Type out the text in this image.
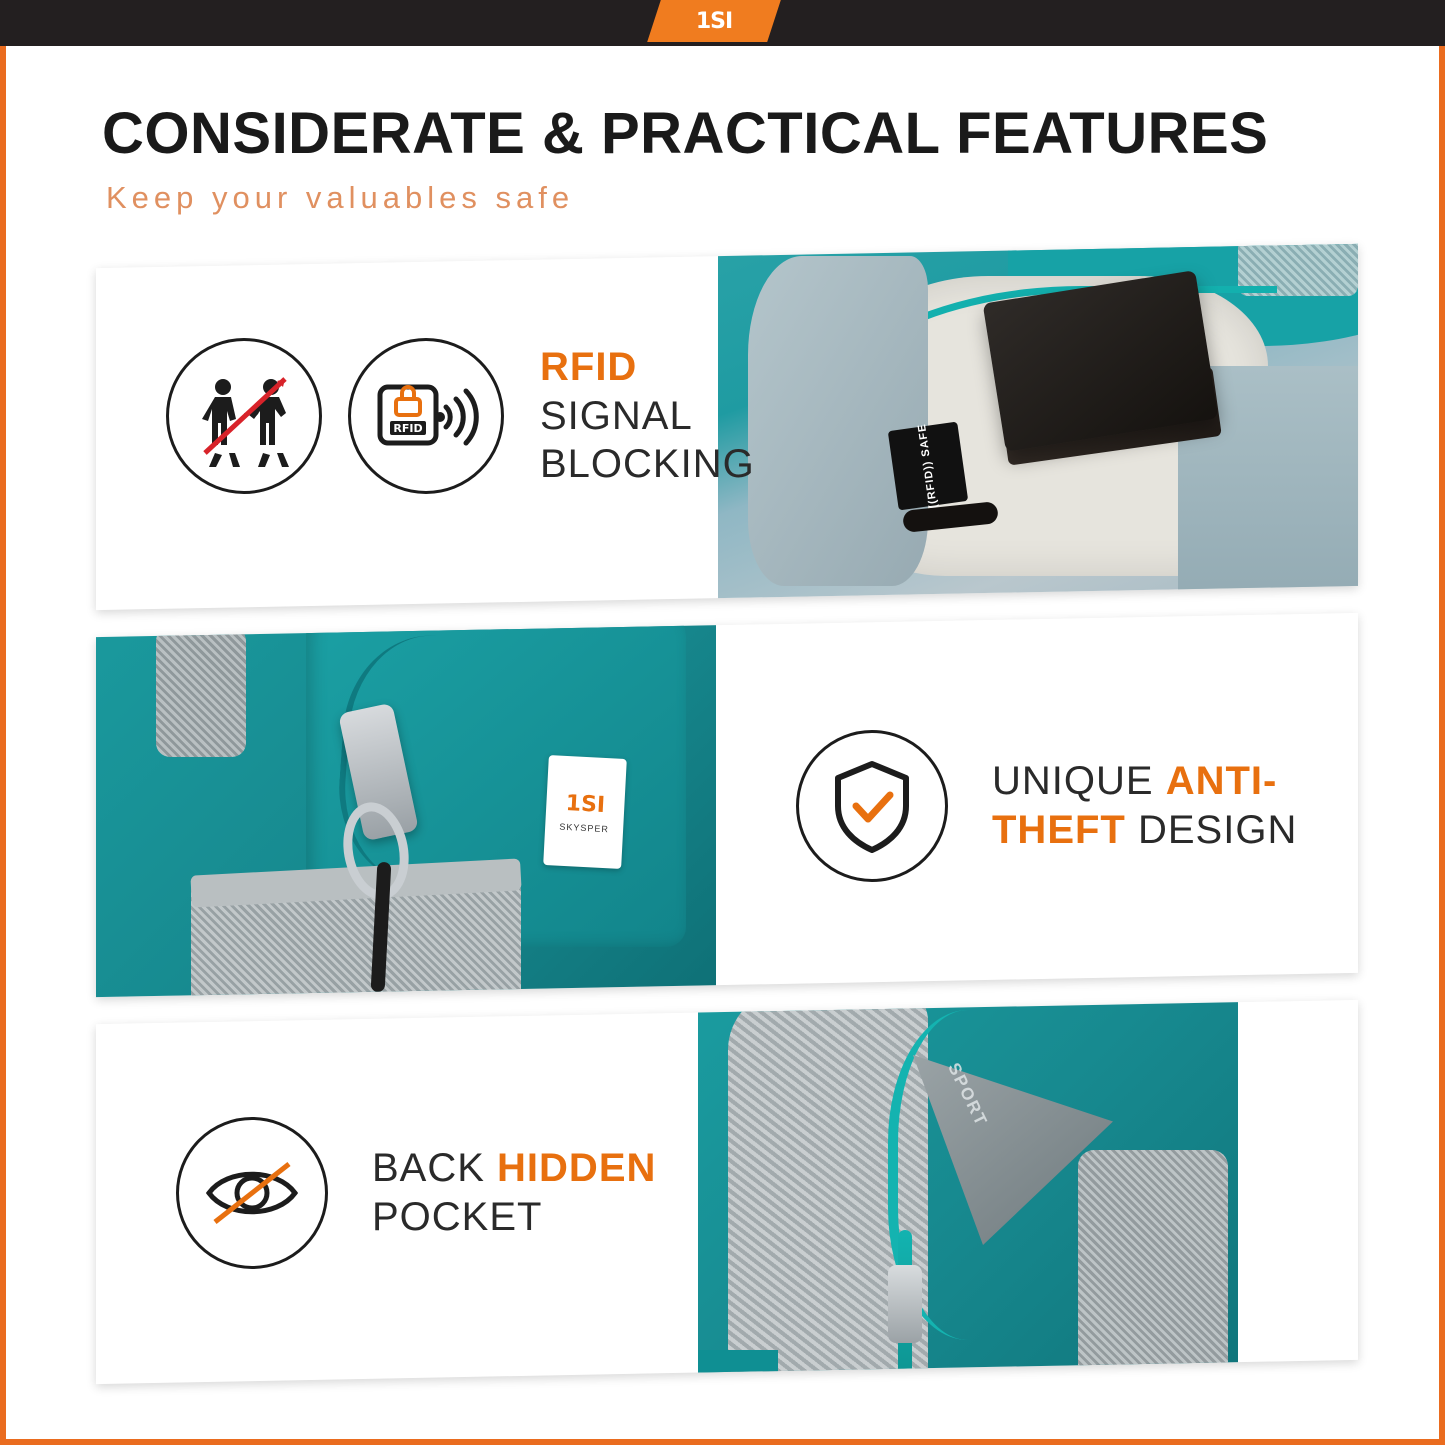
1SI
CONSIDERATE & PRACTICAL FEATURES
Keep your valuables safe
((RFID)) SAFE
RFID
RFID
SIGNAL
BLOCKING
1SI
SKYSPER
UNIQUE ANTI-
THEFT DESIGN
SPORT
BACK HIDDEN
POCKET
